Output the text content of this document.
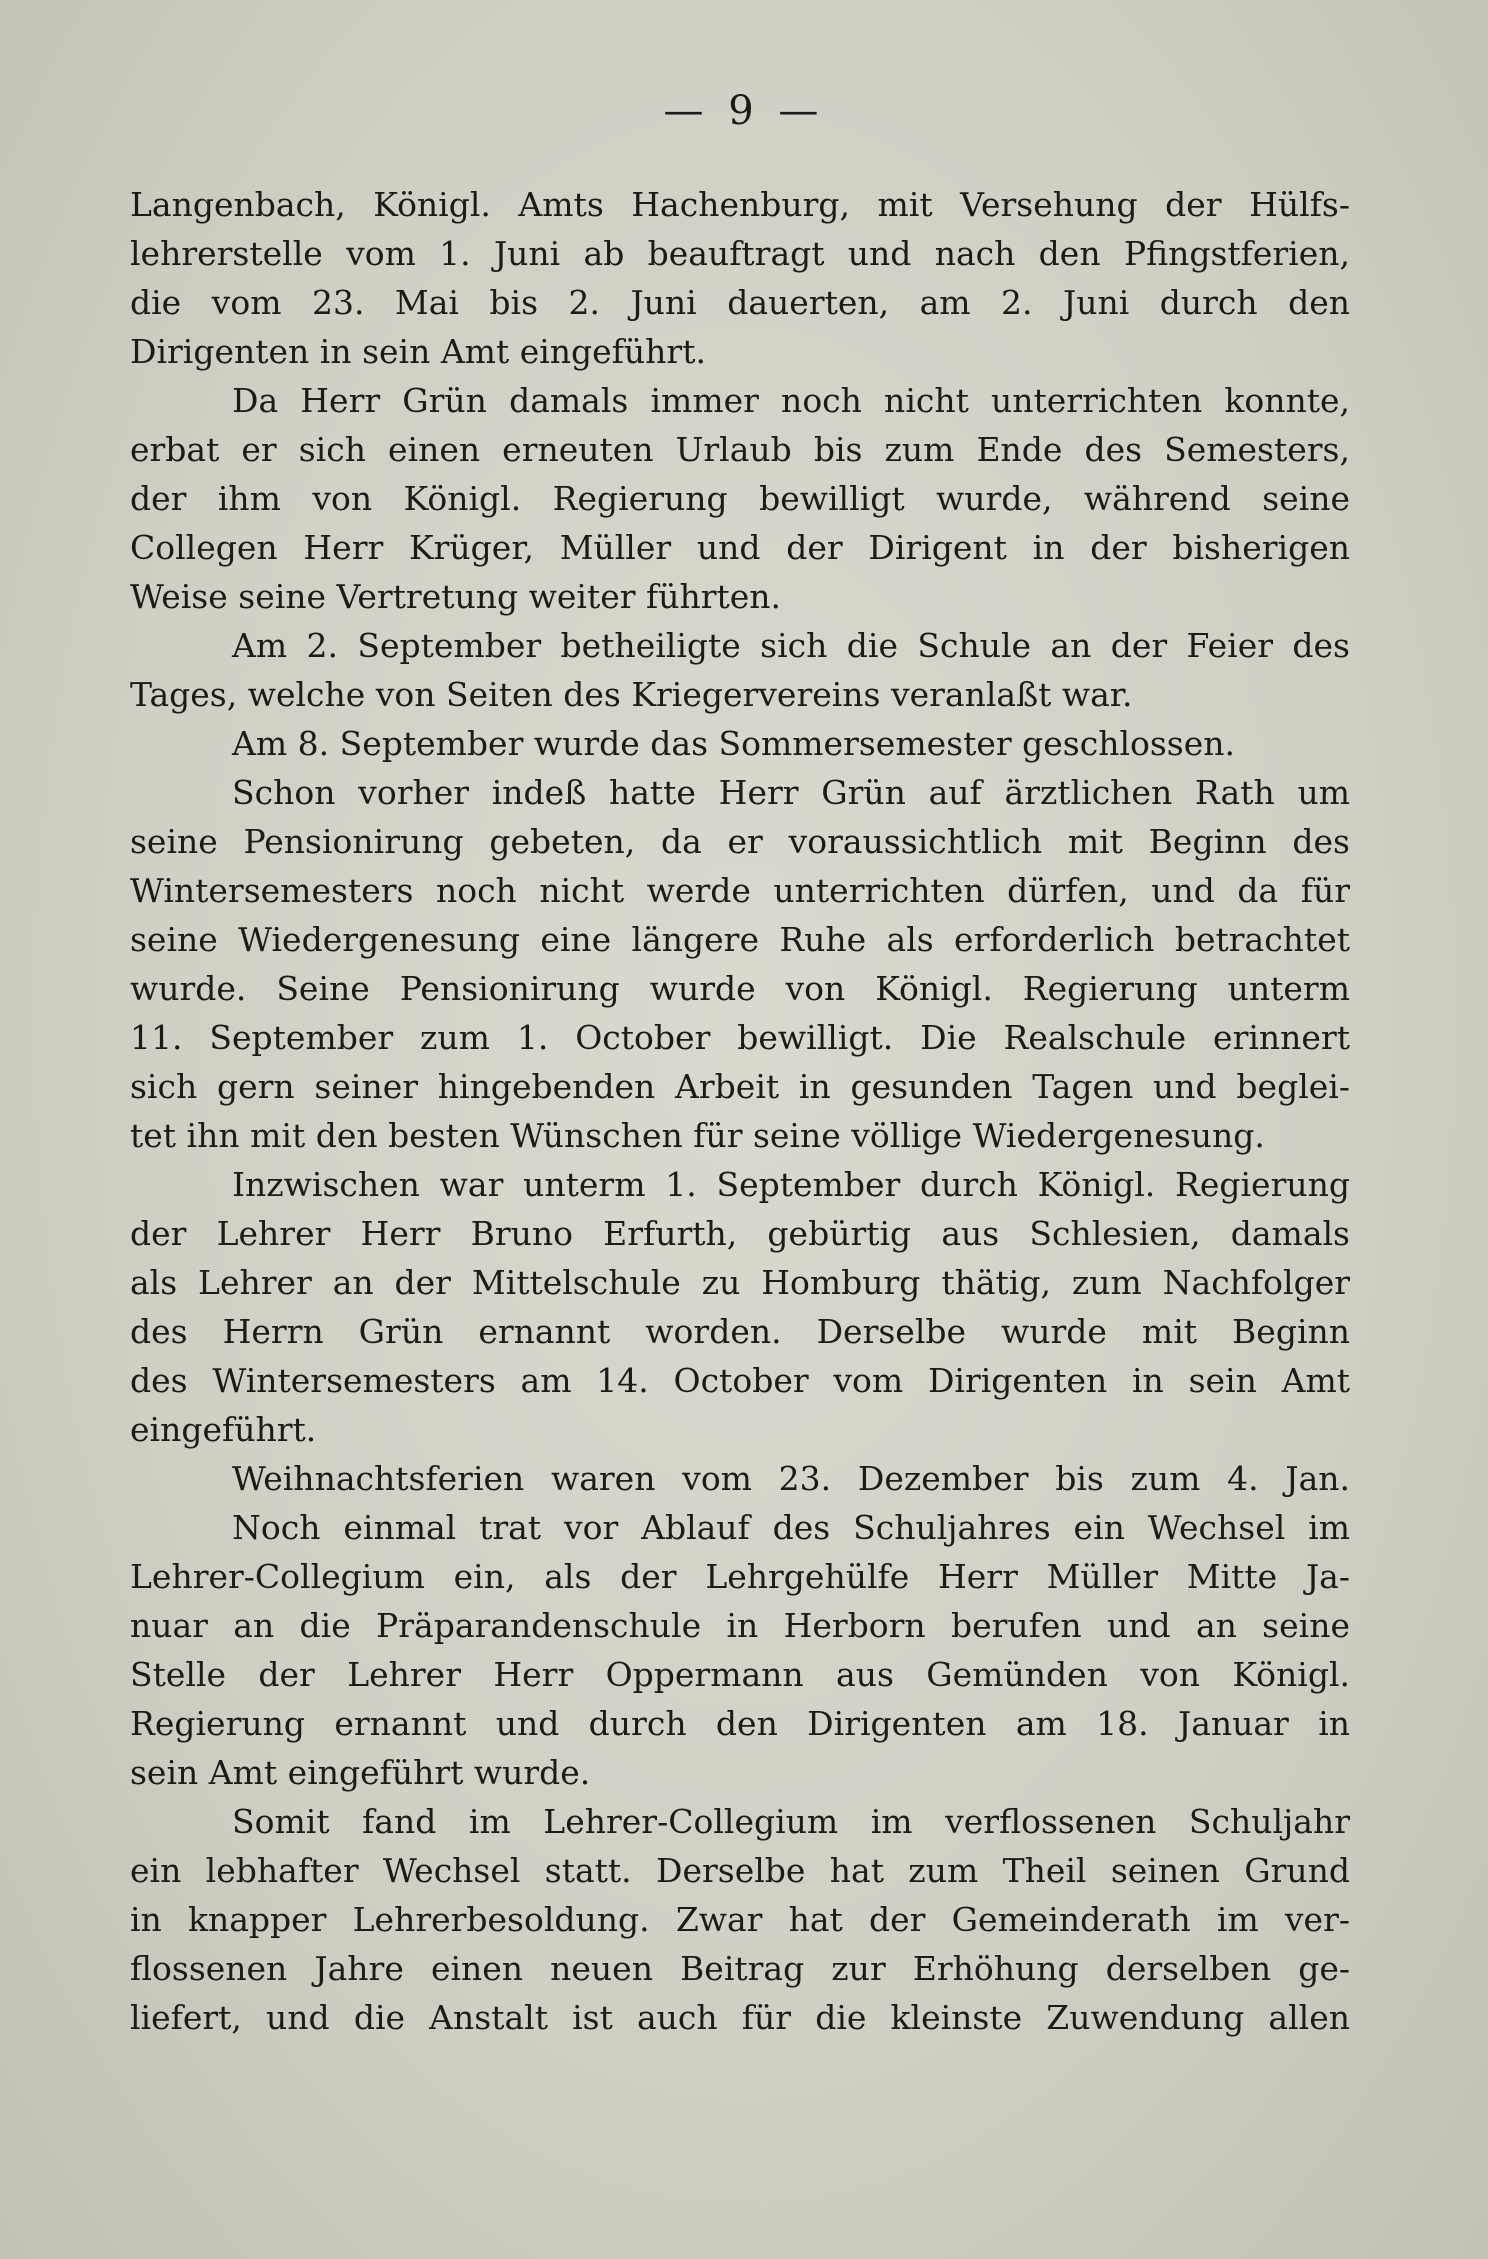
— 9 —
Langenbach, Königl. Amts Hachenburg, mit Versehung der Hülfs-
lehrerstelle vom 1. Juni ab beauftragt und nach den Pfingstferien,
die vom 23. Mai bis 2. Juni dauerten, am 2. Juni durch den
Dirigenten in sein Amt eingeführt.
Da Herr Grün damals immer noch nicht unterrichten konnte,
erbat er sich einen erneuten Urlaub bis zum Ende des Semesters,
der ihm von Königl. Regierung bewilligt wurde, während seine
Collegen Herr Krüger, Müller und der Dirigent in der bisherigen
Weise seine Vertretung weiter führten.
Am 2. September betheiligte sich die Schule an der Feier des
Tages, welche von Seiten des Kriegervereins veranlaßt war.
Am 8. September wurde das Sommersemester geschlossen.
Schon vorher indeß hatte Herr Grün auf ärztlichen Rath um
seine Pensionirung gebeten, da er voraussichtlich mit Beginn des
Wintersemesters noch nicht werde unterrichten dürfen, und da für
seine Wiedergenesung eine längere Ruhe als erforderlich betrachtet
wurde. Seine Pensionirung wurde von Königl. Regierung unterm
11. September zum 1. October bewilligt. Die Realschule erinnert
sich gern seiner hingebenden Arbeit in gesunden Tagen und beglei-
tet ihn mit den besten Wünschen für seine völlige Wiedergenesung.
Inzwischen war unterm 1. September durch Königl. Regierung
der Lehrer Herr Bruno Erfurth, gebürtig aus Schlesien, damals
als Lehrer an der Mittelschule zu Homburg thätig, zum Nachfolger
des Herrn Grün ernannt worden. Derselbe wurde mit Beginn
des Wintersemesters am 14. October vom Dirigenten in sein Amt
eingeführt.
Weihnachtsferien waren vom 23. Dezember bis zum 4. Jan.
Noch einmal trat vor Ablauf des Schuljahres ein Wechsel im
Lehrer-Collegium ein, als der Lehrgehülfe Herr Müller Mitte Ja-
nuar an die Präparandenschule in Herborn berufen und an seine
Stelle der Lehrer Herr Oppermann aus Gemünden von Königl.
Regierung ernannt und durch den Dirigenten am 18. Januar in
sein Amt eingeführt wurde.
Somit fand im Lehrer-Collegium im verflossenen Schuljahr
ein lebhafter Wechsel statt. Derselbe hat zum Theil seinen Grund
in knapper Lehrerbesoldung. Zwar hat der Gemeinderath im ver-
flossenen Jahre einen neuen Beitrag zur Erhöhung derselben ge-
liefert, und die Anstalt ist auch für die kleinste Zuwendung allen
